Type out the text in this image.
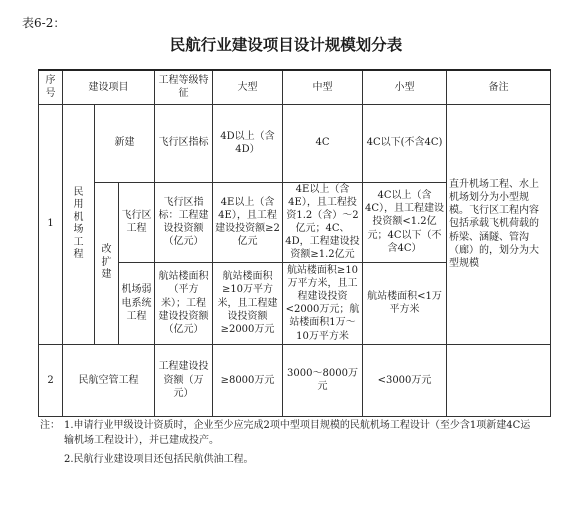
表6-2：
民航行业建设项目设计规模划分表
序号	建设项目			工程等级特征	大型	中型	小型	备注
1	民用机场工程	新建		飞行区指标	4D以上（含4D）	4C	4C以下(不含4C)	直升机场工程、水上机场划分为小型规模。飞行区工程内容包括承载飞机荷载的桥梁、涵隧、管沟（廊）的，划分为大型规模
		改扩建	飞行区工程	飞行区指标：工程建设投资额（亿元）	4E以上（含4E），且工程建设投资额≥2亿元	4E以上（含4E），且工程投资1.2（含）～2亿元；4C、4D，工程建设投资额≥1.2亿元	4C以上（含4C），且工程建设投资额<1.2亿元；4C以下（不含4C）	
			机场弱电系统工程	航站楼面积（平方米）；工程建设投资额（亿元）	航站楼面积≥10万平方米，且工程建设投资额≥2000万元	航站楼面积≥10万平方米，且工程建设投资<2000万元；航站楼面积1万～10万平方米	航站楼面积<1万平方米	
2	民航空管工程			工程建设投资额（万元）	≥8000万元	3000～8000万元	<3000万元	
注： 1.申请行业甲级设计资质时，企业至少应完成2项中型项目规模的民航机场工程设计（至少含1项新建4C运输机场工程设计），并已建成投产。
2.民航行业建设项目还包括民航供油工程。
